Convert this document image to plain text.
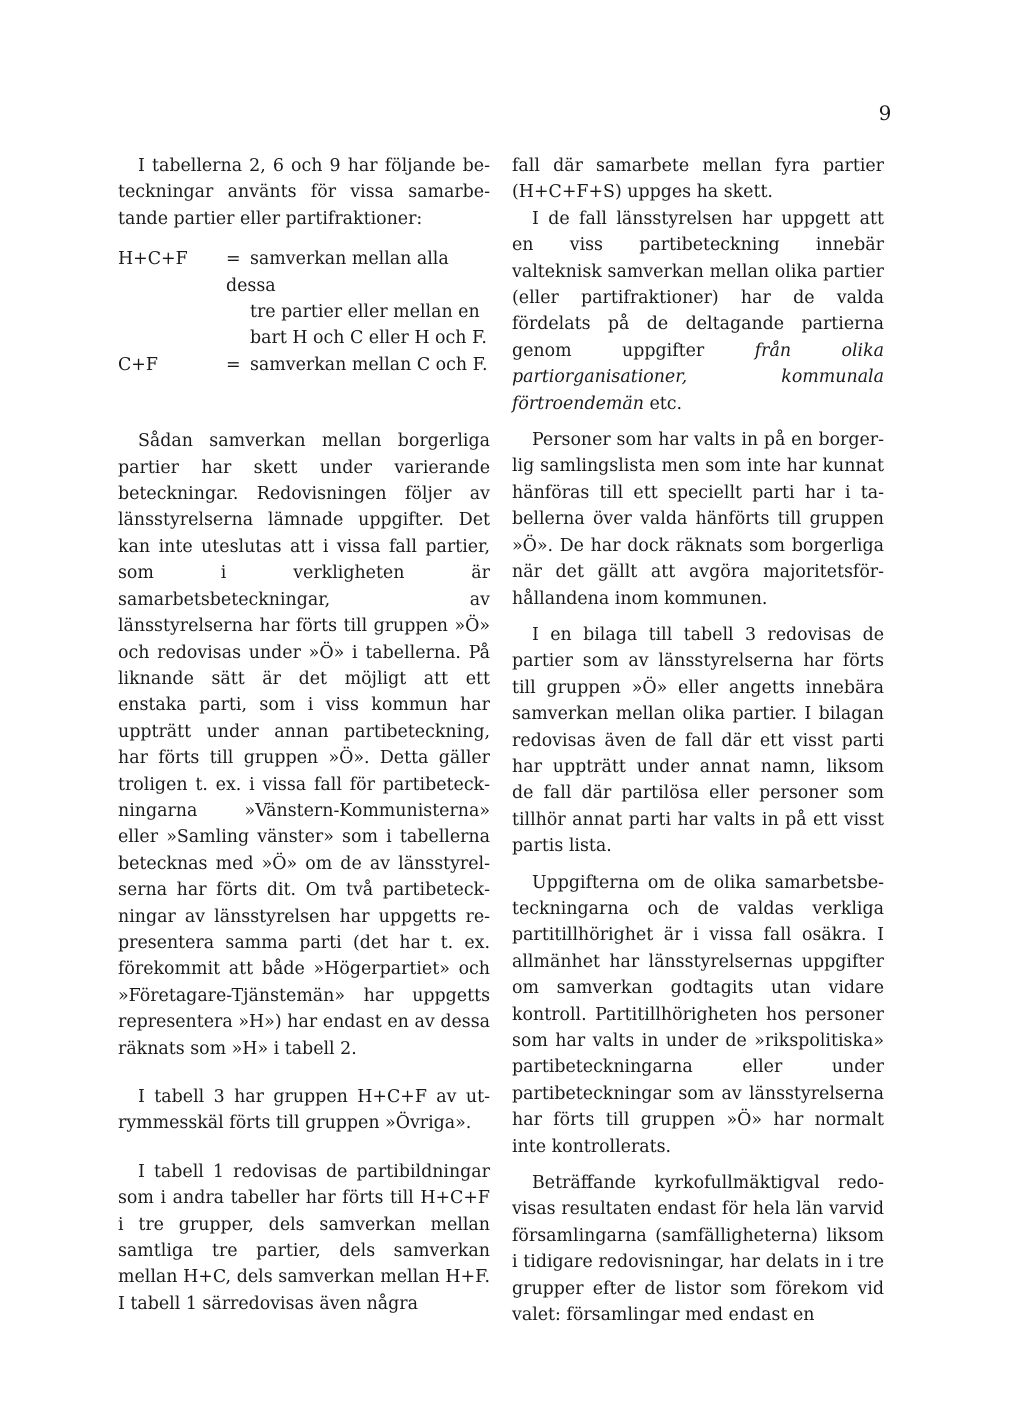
9

I tabellerna 2, 6 och 9 har följande beteckningar använts för vissa samarbetande partier eller partifraktioner:

H+C+F	= samverkan mellan alla dessa
tre partier eller mellan en
bart H och C eller H och F.
C+F	= samverkan mellan C och F.

Sådan samverkan mellan borgerliga partier har skett under varierande beteckningar. Redovisningen följer av länsstyrelserna lämnade uppgifter. Det kan inte uteslutas att i vissa fall partier, som i verkligheten är samarbetsbeteckningar, av länsstyrelserna har förts till gruppen »Ö» och redovisas under »Ö» i tabellerna. På liknande sätt är det möjligt att ett enstaka parti, som i viss kommun har uppträtt under annan partibeteckning, har förts till gruppen »Ö». Detta gäller troligen t. ex. i vissa fall för partibeteckningarna »Vänstern-Kommunisterna» eller »Samling vänster» som i tabellerna betecknas med »Ö» om de av länsstyrelserna har förts dit. Om två partibeteckningar av länsstyrelsen har uppgetts representera samma parti (det har t. ex. förekommit att både »Högerpartiet» och »Företagare-Tjänstemän» har uppgetts representera »H») har endast en av dessa räknats som »H» i tabell 2.

I tabell 3 har gruppen H+C+F av utrymmesskäl förts till gruppen »Övriga».

I tabell 1 redovisas de partibildningar som i andra tabeller har förts till H+C+F i tre grupper, dels samverkan mellan samtliga tre partier, dels samverkan mellan H+C, dels samverkan mellan H+F. I tabell 1 särredovisas även några

fall där samarbete mellan fyra partier (H+C+F+S) uppges ha skett.

I de fall länsstyrelsen har uppgett att en viss partibeteckning innebär valteknisk samverkan mellan olika partier (eller partifraktioner) har de valda fördelats på de deltagande partierna genom uppgifter från olika partiorganisationer, kommunala förtroendemän etc.

Personer som har valts in på en borgerlig samlingslista men som inte har kunnat hänföras till ett speciellt parti har i tabellerna över valda hänförts till gruppen »Ö». De har dock räknats som borgerliga när det gällt att avgöra majoritetsförhållandena inom kommunen.

I en bilaga till tabell 3 redovisas de partier som av länsstyrelserna har förts till gruppen »Ö» eller angetts innebära samverkan mellan olika partier. I bilagan redovisas även de fall där ett visst parti har uppträtt under annat namn, liksom de fall där partilösa eller personer som tillhör annat parti har valts in på ett visst partis lista.

Uppgifterna om de olika samarbetsbeteckningarna och de valdas verkliga partitillhörighet är i vissa fall osäkra. I allmänhet har länsstyrelsernas uppgifter om samverkan godtagits utan vidare kontroll. Partitillhörigheten hos personer som har valts in under de »rikspolitiska» partibeteckningarna eller under partibeteckningar som av länsstyrelserna har förts till gruppen »Ö» har normalt inte kontrollerats.

Beträffande kyrkofullmäktigval redovisas resultaten endast för hela län varvid församlingarna (samfälligheterna) liksom i tidigare redovisningar, har delats in i tre grupper efter de listor som förekom vid valet: församlingar med endast en
